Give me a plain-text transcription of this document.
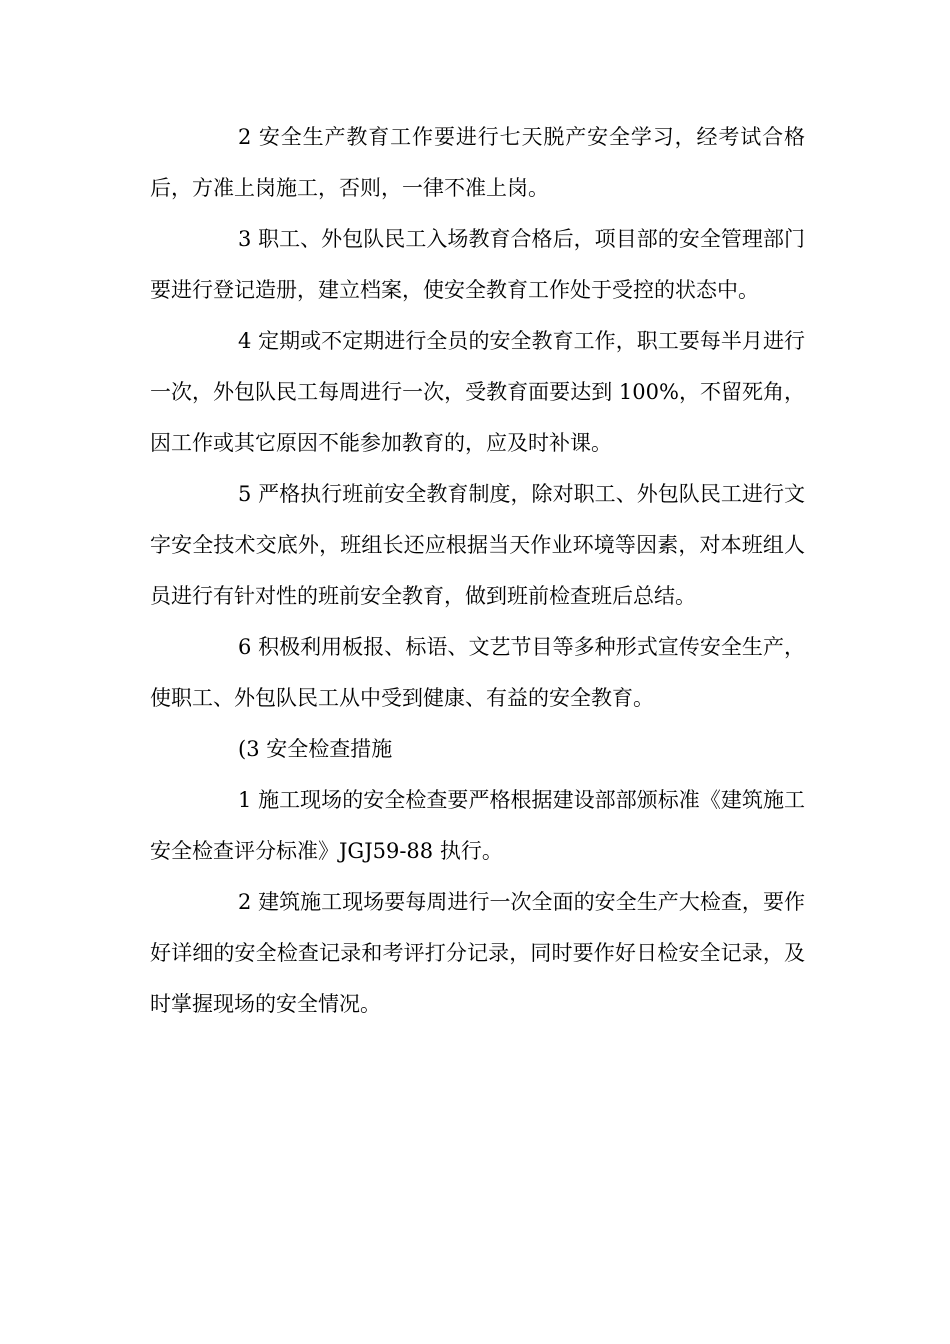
2 安全生产教育工作要进行七天脱产安全学习，经考试合格后，方准上岗施工，否则，一律不准上岗。

3 职工、外包队民工入场教育合格后，项目部的安全管理部门要进行登记造册，建立档案，使安全教育工作处于受控的状态中。

4 定期或不定期进行全员的安全教育工作，职工要每半月进行一次，外包队民工每周进行一次，受教育面要达到 100%，不留死角，因工作或其它原因不能参加教育的，应及时补课。

5 严格执行班前安全教育制度，除对职工、外包队民工进行文字安全技术交底外，班组长还应根据当天作业环境等因素，对本班组人员进行有针对性的班前安全教育，做到班前检查班后总结。

6 积极利用板报、标语、文艺节目等多种形式宣传安全生产，使职工、外包队民工从中受到健康、有益的安全教育。

(3 安全检查措施

1 施工现场的安全检查要严格根据建设部部颁标准《建筑施工安全检查评分标准》JGJ59-88 执行。

2 建筑施工现场要每周进行一次全面的安全生产大检查，要作好详细的安全检查记录和考评打分记录，同时要作好日检安全记录，及时掌握现场的安全情况。
